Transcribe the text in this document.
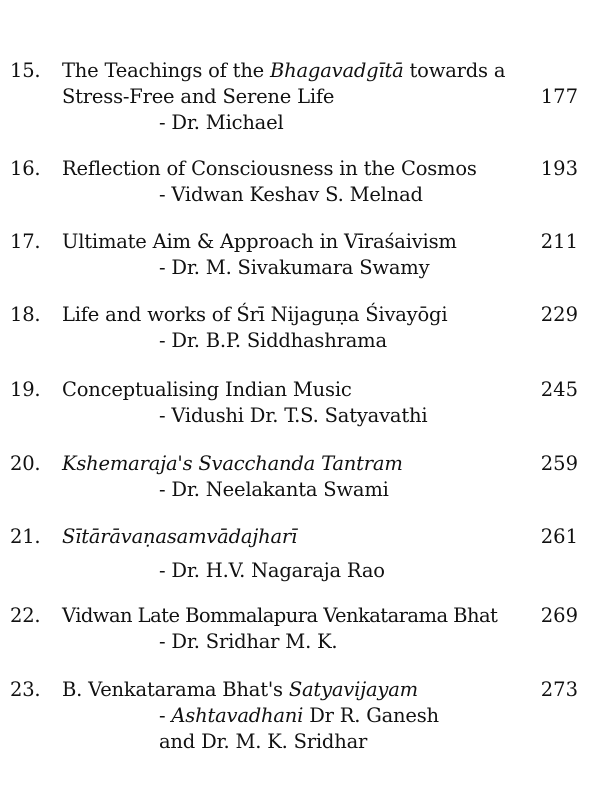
15. The Teachings of the Bhagavadgītā towards a
Stress-Free and Serene Life	177
- Dr. Michael
16. Reflection of Consciousness in the Cosmos	193
- Vidwan Keshav S. Melnad
17. Ultimate Aim & Approach in Vīraśaivism	211
- Dr. M. Sivakumara Swamy
18. Life and works of Śrī Nijaguṇa Śivayōgi	229
- Dr. B.P. Siddhashrama
19. Conceptualising Indian Music	245
- Vidushi Dr. T.S. Satyavathi
20. Kshemaraja's Svacchanda Tantram	259
- Dr. Neelakanta Swami
21. Sītārāvaṇasamvādajharī	261
- Dr. H.V. Nagaraja Rao
22. Vidwan Late Bommalapura Venkatarama Bhat	269
- Dr. Sridhar M. K.
23. B. Venkatarama Bhat's Satyavijayam	273
- Ashtavadhani Dr R. Ganesh
and Dr. M. K. Sridhar
